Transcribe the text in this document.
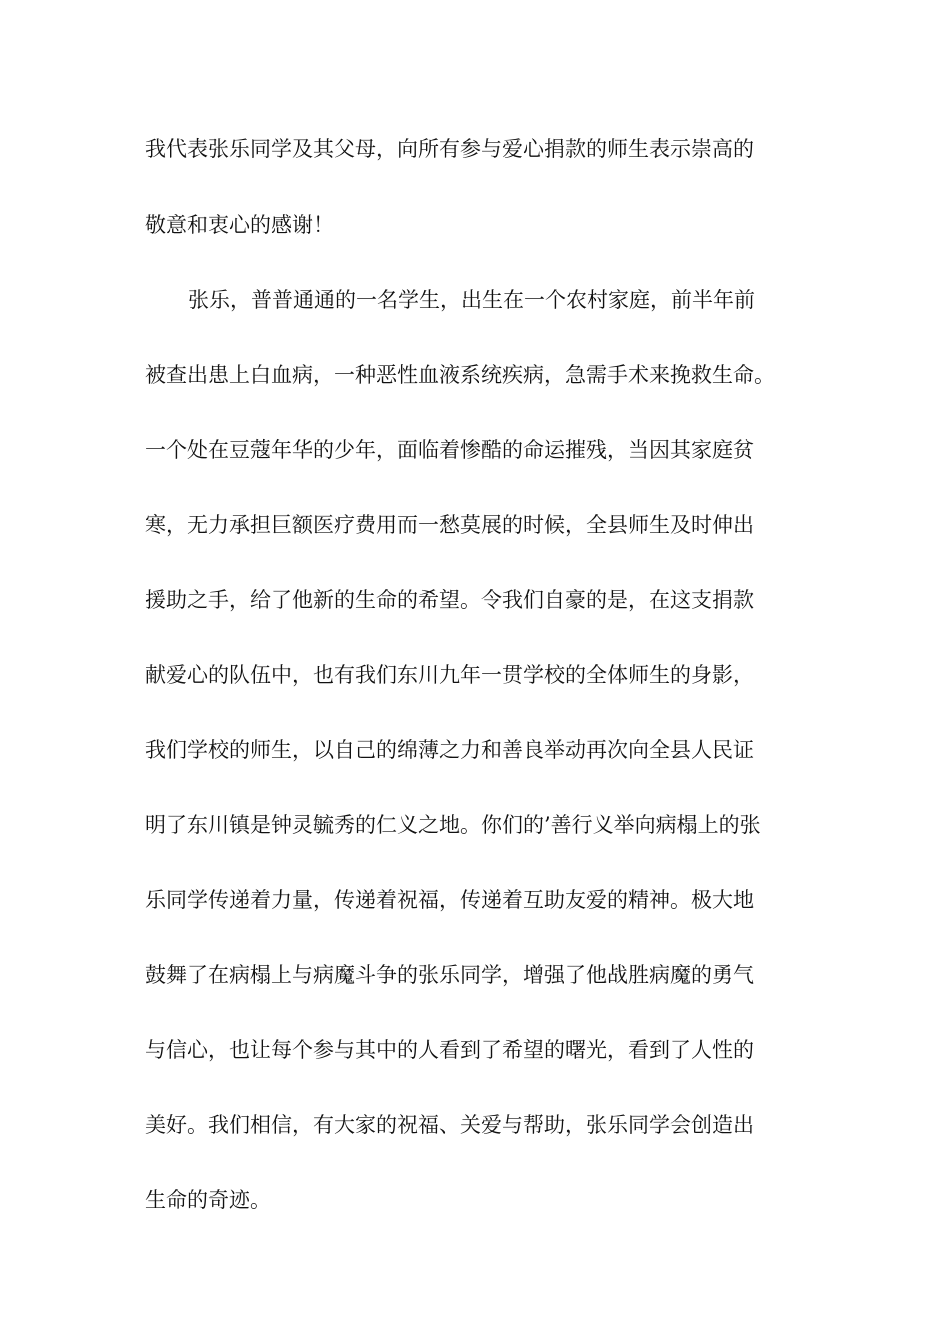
我代表张乐同学及其父母，向所有参与爱心捐款的师生表示崇高的
敬意和衷心的感谢！
张乐，普普通通的一名学生，出生在一个农村家庭，前半年前
被查出患上白血病，一种恶性血液系统疾病，急需手术来挽救生命。
一个处在豆蔻年华的少年，面临着惨酷的命运摧残，当因其家庭贫
寒，无力承担巨额医疗费用而一愁莫展的时候，全县师生及时伸出
援助之手，给了他新的生命的希望。令我们自豪的是，在这支捐款
献爱心的队伍中，也有我们东川九年一贯学校的全体师生的身影，
我们学校的师生，以自己的绵薄之力和善良举动再次向全县人民证
明了东川镇是钟灵毓秀的仁义之地。你们的’善行义举向病榻上的张
乐同学传递着力量，传递着祝福，传递着互助友爱的精神。极大地
鼓舞了在病榻上与病魔斗争的张乐同学，增强了他战胜病魔的勇气
与信心，也让每个参与其中的人看到了希望的曙光，看到了人性的
美好。我们相信，有大家的祝福、关爱与帮助，张乐同学会创造出
生命的奇迹。
